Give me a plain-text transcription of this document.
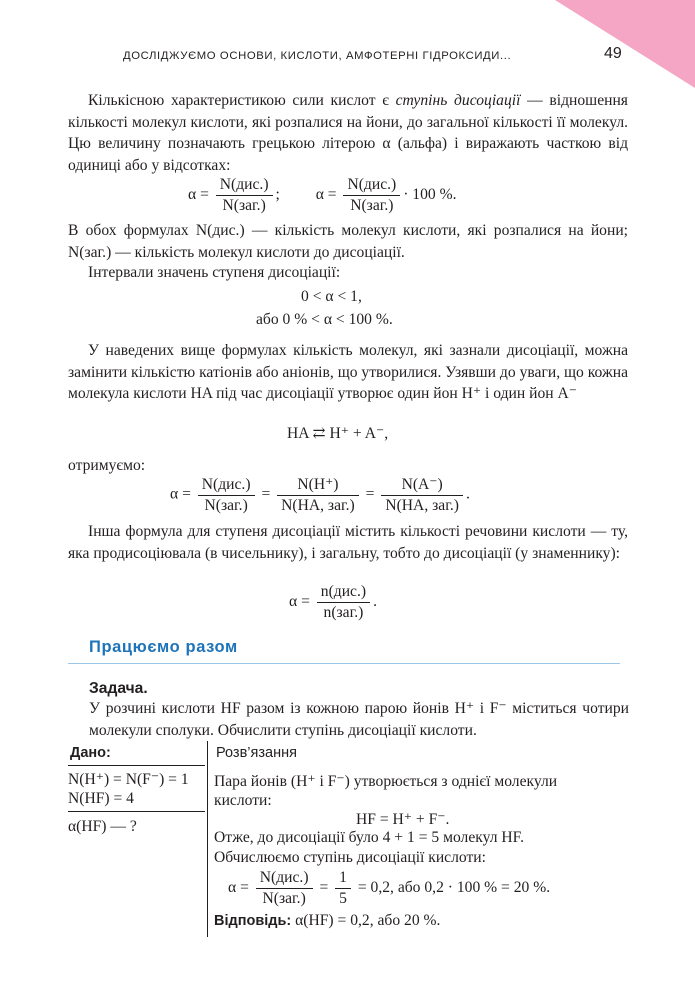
ДОСЛІДЖУЄМО ОСНОВИ, КИСЛОТИ, АМФОТЕРНІ ГІДРОКСИДИ...	49
Кількісною характеристикою сили кислот є ступінь дисоціації — відношення кількості молекул кислоти, які розпалися на йони, до загальної кількості її молекул. Цю величину позначають грецькою літерою α (альфа) і виражають часткою від одиниці або у відсотках:
$\alpha = \frac{\text{N(дис.)}}{\text{N(заг.)}}$ ; $\alpha = \frac{\text{N(дис.)}}{\text{N(заг.)}} \cdot 100$ %.
В обох формулах N(дис.) — кількість молекул кислоти, які розпалися на йони; N(заг.) — кількість молекул кислоти до дисоціації.
Інтервали значень ступеня дисоціації:
0 < α < 1,
або 0 % < α < 100 %.
У наведених вище формулах кількість молекул, які зазнали дисоціації, можна замінити кількістю катіонів або аніонів, що утворилися. Узявши до уваги, що кожна молекула кислоти HA під час дисоціації утворює один йон H⁺ і один йон A⁻
HA ⇄ H⁺ + A⁻,
отримуємо:
$\alpha = \frac{\text{N(дис.)}}{\text{N(заг.)}} = \frac{N(H^+)}{\text{N(HA, заг.)}} = \frac{N(A^-)}{\text{N(HA, заг.)}}$ .
Інша формула для ступеня дисоціації містить кількості речовини кислоти — ту, яка продисоціювала (в чисельнику), і загальну, тобто до дисоціації (у знаменнику):
$\alpha = \frac{\text{n(дис.)}}{\text{n(заг.)}}$ .
Працюємо разом
Задача.
У розчині кислоти HF разом із кожною парою йонів H⁺ і F⁻ міститься чотири молекули сполуки. Обчислити ступінь дисоціації кислоти.
Дано:
N(H⁺) = N(F⁻) = 1
N(HF) = 4
α(HF) — ?
Розв’язання
Пара йонів (H⁺ і F⁻) утворюється з однієї молекули
кислоти:
HF = H⁺ + F⁻.
Отже, до дисоціації було 4 + 1 = 5 молекул HF.
Обчислюємо ступінь дисоціації кислоти:
$\alpha = \frac{\text{N(дис.)}}{\text{N(заг.)}} = \frac{1}{5} = 0,2$, або 0,2 · 100 % = 20 %.
Відповідь: α(HF) = 0,2, або 20 %.
